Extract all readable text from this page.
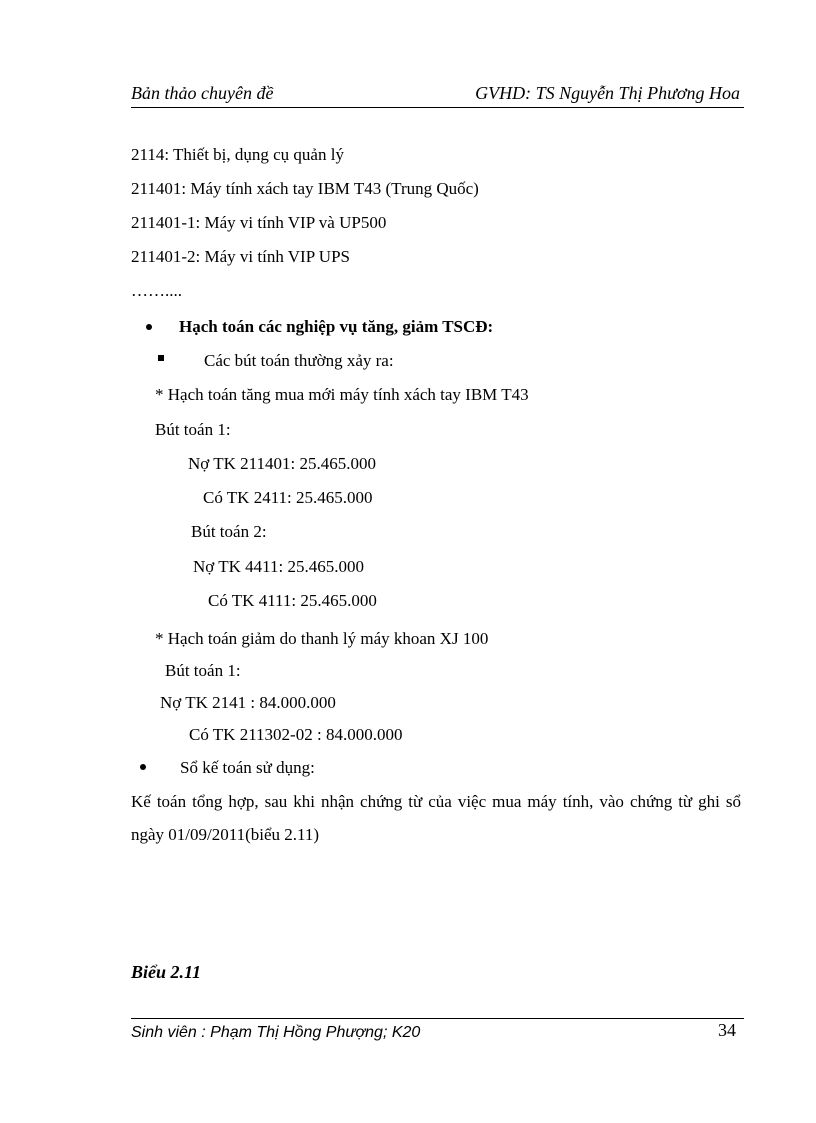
Bản thảo chuyên đề	GVHD: TS Nguyễn Thị Phương Hoa
2114: Thiết bị, dụng cụ quản lý
211401: Máy tính xách tay IBM T43 (Trung Quốc)
211401-1: Máy vi tính VIP và UP500
211401-2: Máy vi tính VIP UPS
……....
Hạch toán các nghiệp vụ tăng, giảm TSCĐ:
Các bút toán thường xảy ra:
* Hạch toán tăng mua mới máy tính xách tay IBM T43
Bút toán 1:
Nợ TK 211401: 25.465.000
Có TK 2411: 25.465.000
Bút toán 2:
Nợ TK 4411: 25.465.000
Có TK 4111: 25.465.000
* Hạch toán giảm do thanh lý máy khoan XJ 100
Bút toán 1:
Nợ TK 2141 : 84.000.000
Có TK 211302-02 : 84.000.000
Sổ kế toán sử dụng:

Kế toán tổng hợp, sau khi nhận chứng từ của việc mua máy tính, vào chứng từ ghi sổ ngày 01/09/2011(biểu 2.11)

Biểu 2.11
Sinh viên : Phạm Thị Hồng Phượng; K20	34
